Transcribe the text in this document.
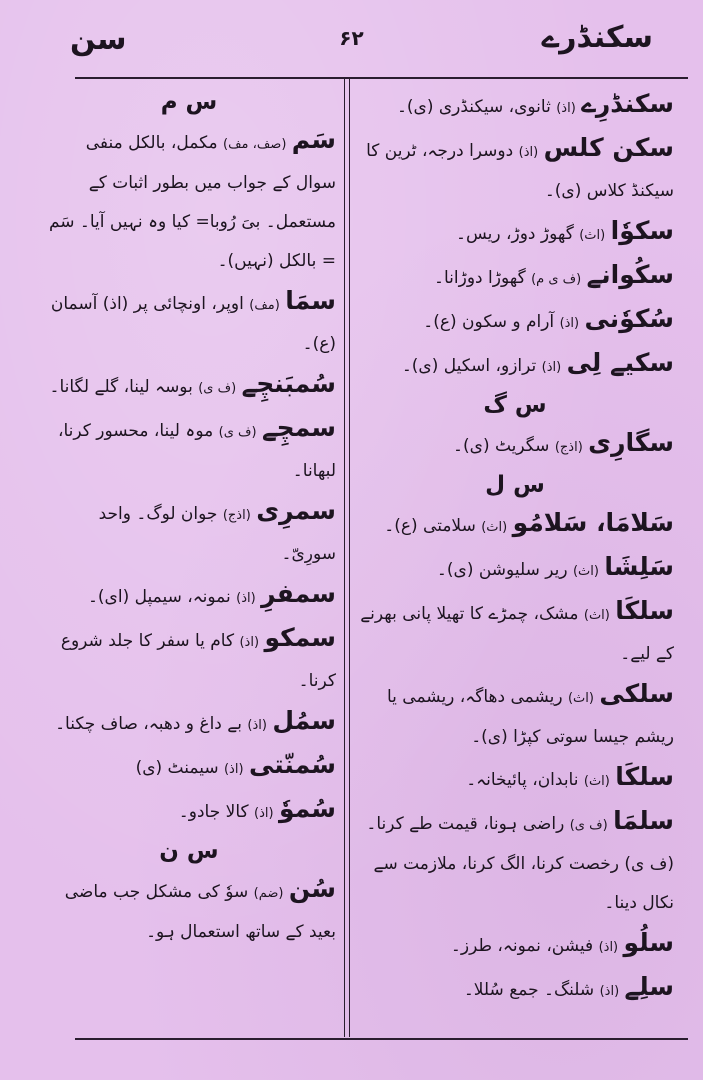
سکنڈرے
۶۲
سن

سکنڈرِے (اذ) ثانوی، سیکنڈری (ی)۔

سکن کلس (اذ) دوسرا درجہ، ٹرین کا سیکنڈ کلاس (ی)۔

سکوٗا (اث) گھوڑ دوڑ، ریس۔

سکُوانے (ف ی م) گھوڑا دوڑانا۔

سُکوٗنی (اذ) آرام و سکون (ع)۔

سکیے لِی (اذ) ترازو، اسکیل (ی)۔

س گ

سگارِی (اذج) سگریٹ (ی)۔

س ل

سَلامَا، سَلامُو (اث) سلامتی (ع)۔

سَلِشَا (اث) ریر سلیوشن (ی)۔

سلکَا (اث) مشک، چمڑے کا تھیلا پانی بھرنے کے لیے۔

سلکی (اث) ریشمی دھاگہ، ریشمی یا ریشم جیسا سوتی کپڑا (ی)۔

سلکَا (اث) نابدان، پائیخانہ۔

سلمَا (ف ی) راضی ہونا، قیمت طے کرنا۔ (ف ی) رخصت کرنا، الگ کرنا، ملازمت سے نکال دینا۔

سلُو (اذ) فیشن، نمونہ، طرز۔

سلِے (اذ) شلنگ۔ جمع سُللا۔

س م

سَم (صف، مف) مکمل، بالکل منفی سوال کے جواب میں بطور اثبات کے مستعمل۔ بیَ رُوبا= کیا وہ نہیں آیا۔ سَم = بالکل (نہیں)۔

سمَا (مف) اوپر، اونچائی پر (اذ) آسمان (ع)۔

سُمبَنچِے (ف ی) بوسہ لینا، گلے لگانا۔

سمچِے (ف ی) موہ لینا، محسور کرنا، لبھانا۔

سمرِی (اذج) جوان لوگ۔ واحد سورِیّ۔

سمفرِ (اذ) نمونہ، سیمپل (ای)۔

سمکو (اذ) کام یا سفر کا جلد شروع کرنا۔

سمُل (اذ) بے داغ و دھبہ، صاف چکنا۔

سُمنّتی (اذ) سیمنٹ (ی)

سُموٗ (اذ) کالا جادو۔

س ن

سُن (ضم) سوٗ کی مشکل جب ماضی بعید کے ساتھ استعمال ہو۔
